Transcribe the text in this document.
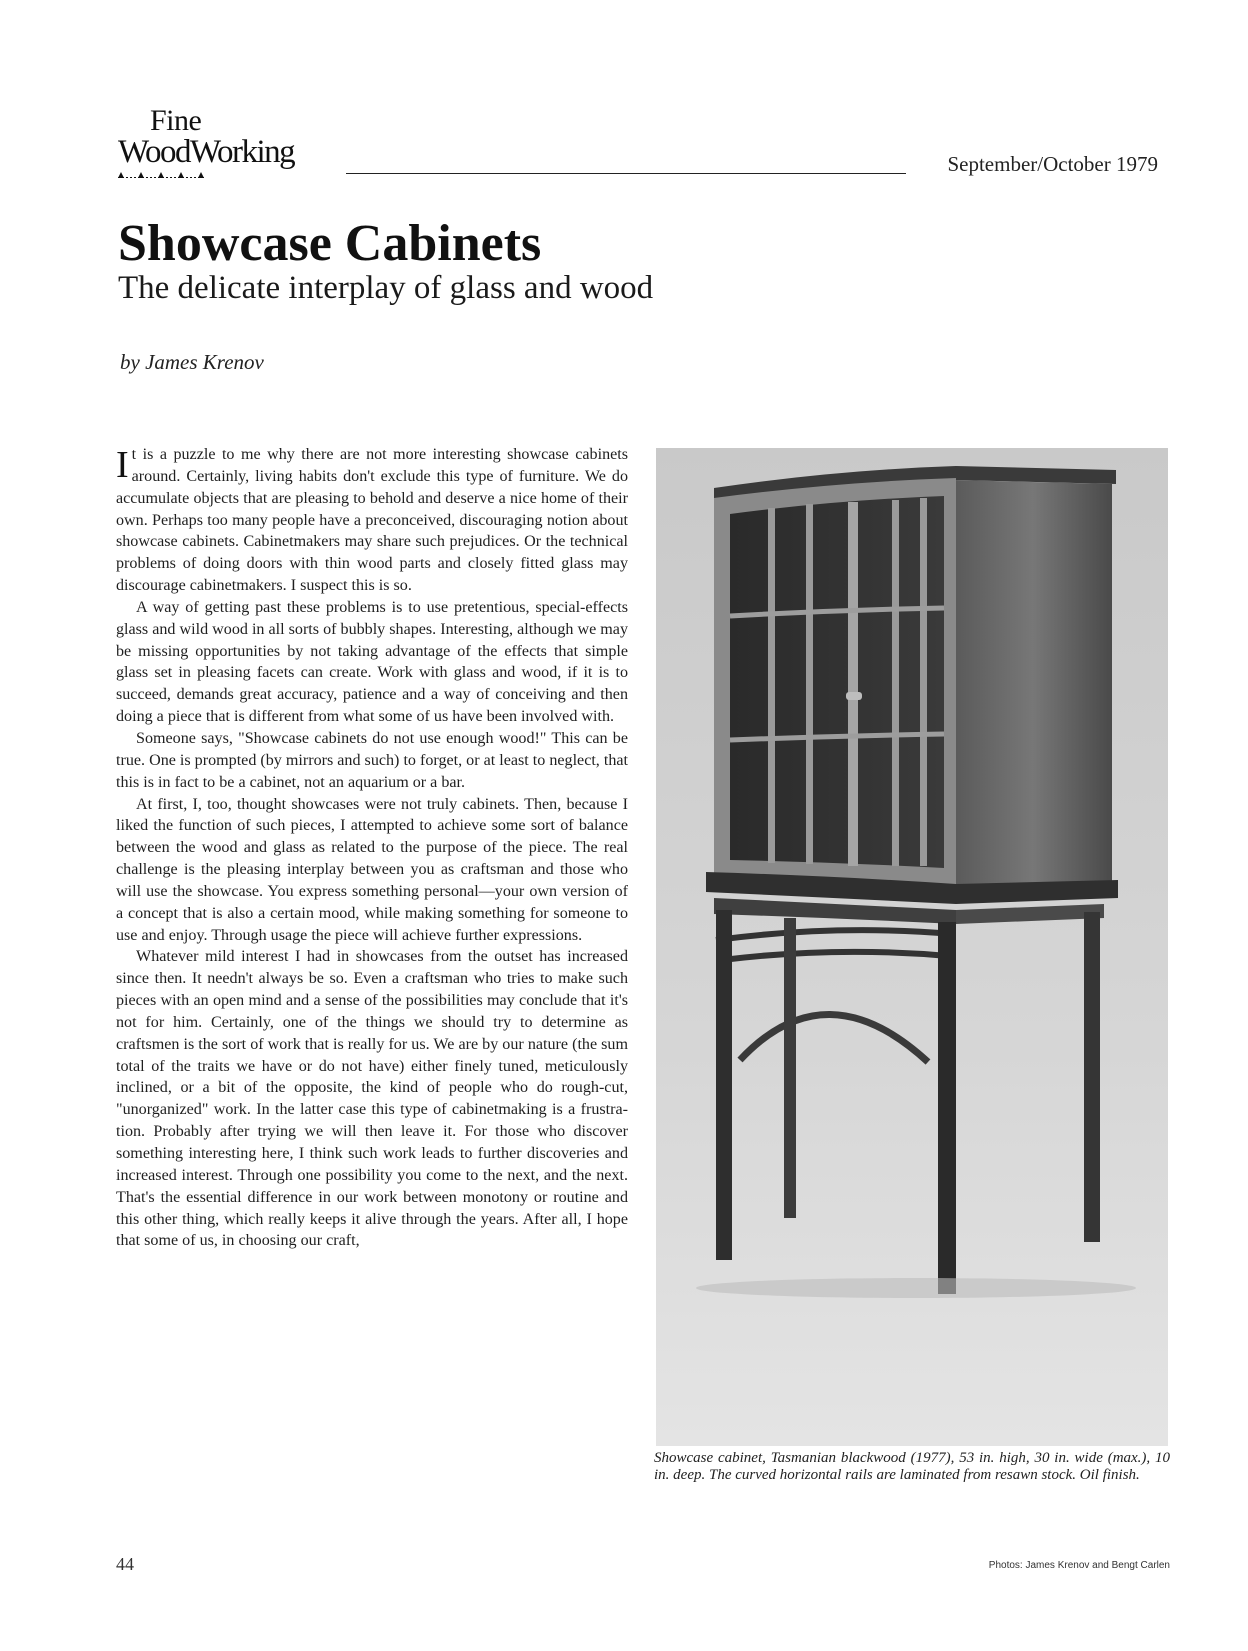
Fine
WoodWorking	September/October 1979
Showcase Cabinets
The delicate interplay of glass and wood
by James Krenov

It is a puzzle to me why there are not more interesting showcase cabinets around. Certainly, living habits don't exclude this type of furniture. We do accumulate objects that are pleasing to behold and deserve a nice home of their own. Perhaps too many people have a preconceived, discouraging notion about showcase cabinets. Cabinetmakers may share such prejudices. Or the technical problems of doing doors with thin wood parts and closely fitted glass may discourage cabinetmakers. I suspect this is so.

A way of getting past these problems is to use pretentious, special-effects glass and wild wood in all sorts of bubbly shapes. Interesting, although we may be missing opportunities by not taking advantage of the effects that simple glass set in pleasing facets can create. Work with glass and wood, if it is to succeed, demands great accuracy, patience and a way of conceiving and then doing a piece that is different from what some of us have been involved with.

Someone says, "Showcase cabinets do not use enough wood!" This can be true. One is prompted (by mirrors and such) to forget, or at least to neglect, that this is in fact to be a cabinet, not an aquarium or a bar.

At first, I, too, thought showcases were not truly cabinets. Then, because I liked the function of such pieces, I attempted to achieve some sort of balance between the wood and glass as related to the purpose of the piece. The real challenge is the pleasing interplay between you as craftsman and those who will use the showcase. You express something personal—your own version of a concept that is also a certain mood, while making something for someone to use and enjoy. Through usage the piece will achieve further expressions.

Whatever mild interest I had in showcases from the outset has increased since then. It needn't always be so. Even a craftsman who tries to make such pieces with an open mind and a sense of the possibilities may conclude that it's not for him. Certainly, one of the things we should try to determine as craftsmen is the sort of work that is really for us. We are by our nature (the sum total of the traits we have or do not have) either finely tuned, meticulously inclined, or a bit of the opposite, the kind of people who do rough-cut, "unorganized" work. In the latter case this type of cabinetmaking is a frustration. Probably after trying we will then leave it. For those who discover something interesting here, I think such work leads to further discoveries and increased interest. Through one possibility you come to the next, and the next. That's the essential difference in our work between monotony or routine and this other thing, which really keeps it alive through the years. After all, I hope that some of us, in choosing our craft,

Showcase cabinet, Tasmanian blackwood (1977), 53 in. high, 30 in. wide (max.), 10 in. deep. The curved horizontal rails are laminated from resawn stock. Oil finish.
44	Photos: James Krenov and Bengt Carlen
